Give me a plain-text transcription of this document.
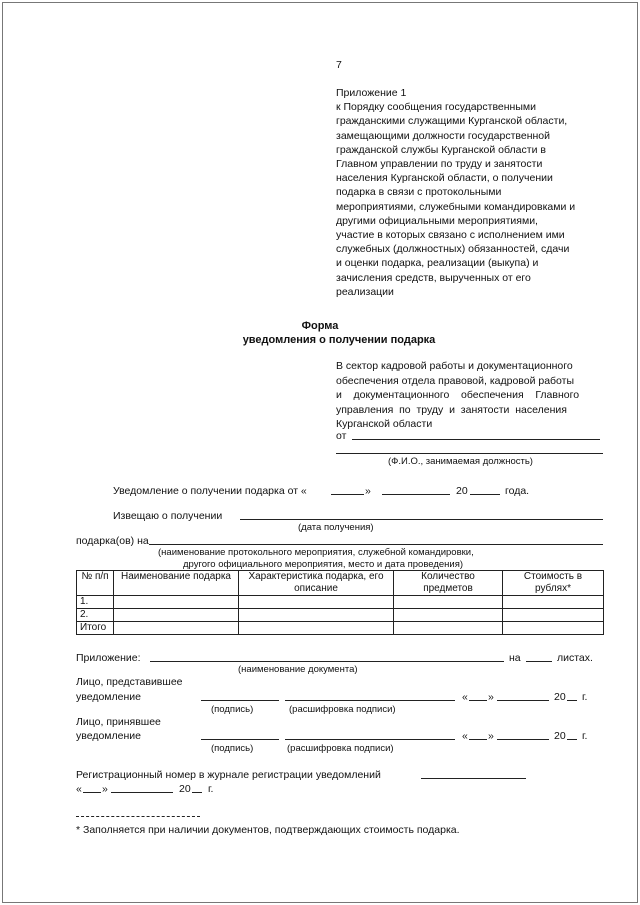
7
Приложение 1
к Порядку сообщения государственными
гражданскими служащими Курганской области,
замещающими должности государственной
гражданской службы Курганской области в
Главном управлении по труду и занятости
населения Курганской области, о получении
подарка в связи с протокольными
мероприятиями, служебными командировками и
другими официальными мероприятиями,
участие в которых связано с исполнением ими
служебных (должностных) обязанностей, сдачи
и оценки подарка, реализации (выкупа) и
зачисления средств, вырученных от его
реализации
Форма
уведомления о получении подарка
В сектор кадровой работы и документационного
обеспечения отдела правовой, кадровой работы
и    документационного    обеспечения    Главного
управления  по  труду  и  занятости  населения
Курганской области
от
(Ф.И.О., занимаемая должность)
Уведомление о получении подарка от «	»	20	года.
Извещаю о получении
(дата получения)
подарка(ов) на
(наименование протокольного мероприятия, служебной командировки,
другого официального мероприятия, место и дата проведения)
№ п/п	Наименование подарка	Характеристика подарка, его описание	Количество предметов	Стоимость в рублях*
1.				
2.				
Итого				
Приложение:
(наименование документа)
на	листах.
Лицо, представившее
уведомление
(подпись)	(расшифровка подписи)
« »	20 г.
Лицо, принявшее
уведомление
(подпись)	(расшифровка подписи)
« »	20 г.
Регистрационный номер в журнале регистрации уведомлений
« »	20 г.
* Заполняется при наличии документов, подтверждающих стоимость подарка.
